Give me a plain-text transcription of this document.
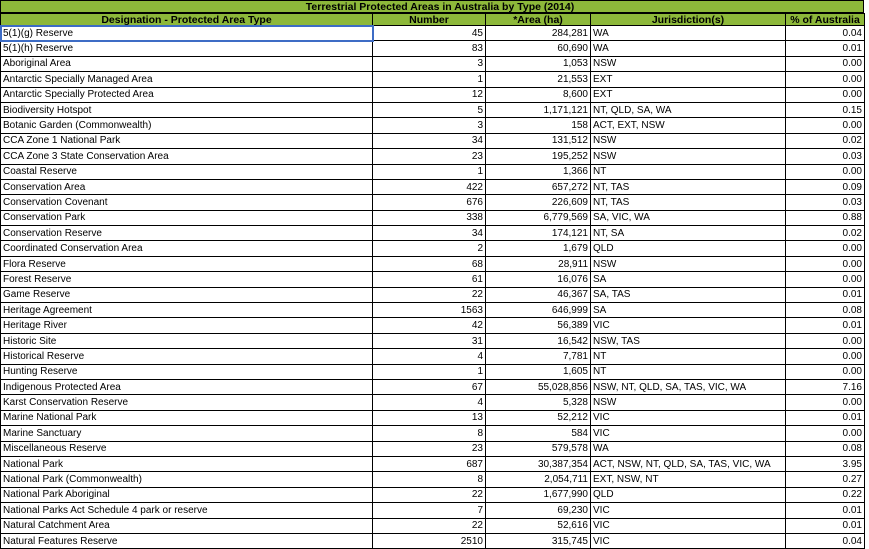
Terrestrial Protected Areas in Australia by Type (2014)
Designation - Protected Area Type	Number	*Area (ha)	Jurisdiction(s)	% of Australia
5(1)(g) Reserve	45	284,281	WA	0.04
5(1)(h) Reserve	83	60,690	WA	0.01
Aboriginal Area	3	1,053	NSW	0.00
Antarctic Specially Managed Area	1	21,553	EXT	0.00
Antarctic Specially Protected Area	12	8,600	EXT	0.00
Biodiversity Hotspot	5	1,171,121	NT, QLD, SA, WA	0.15
Botanic Garden (Commonwealth)	3	158	ACT, EXT, NSW	0.00
CCA Zone 1 National Park	34	131,512	NSW	0.02
CCA Zone 3 State Conservation Area	23	195,252	NSW	0.03
Coastal Reserve	1	1,366	NT	0.00
Conservation Area	422	657,272	NT, TAS	0.09
Conservation Covenant	676	226,609	NT, TAS	0.03
Conservation Park	338	6,779,569	SA, VIC, WA	0.88
Conservation Reserve	34	174,121	NT, SA	0.02
Coordinated Conservation Area	2	1,679	QLD	0.00
Flora Reserve	68	28,911	NSW	0.00
Forest Reserve	61	16,076	SA	0.00
Game Reserve	22	46,367	SA, TAS	0.01
Heritage Agreement	1563	646,999	SA	0.08
Heritage River	42	56,389	VIC	0.01
Historic Site	31	16,542	NSW, TAS	0.00
Historical Reserve	4	7,781	NT	0.00
Hunting Reserve	1	1,605	NT	0.00
Indigenous Protected Area	67	55,028,856	NSW, NT, QLD, SA, TAS, VIC, WA	7.16
Karst Conservation Reserve	4	5,328	NSW	0.00
Marine National Park	13	52,212	VIC	0.01
Marine Sanctuary	8	584	VIC	0.00
Miscellaneous Reserve	23	579,578	WA	0.08
National Park	687	30,387,354	ACT, NSW, NT, QLD, SA, TAS, VIC, WA	3.95
National Park (Commonwealth)	8	2,054,711	EXT, NSW, NT	0.27
National Park Aboriginal	22	1,677,990	QLD	0.22
National Parks Act Schedule 4 park or reserve	7	69,230	VIC	0.01
Natural Catchment Area	22	52,616	VIC	0.01
Natural Features Reserve	2510	315,745	VIC	0.04
